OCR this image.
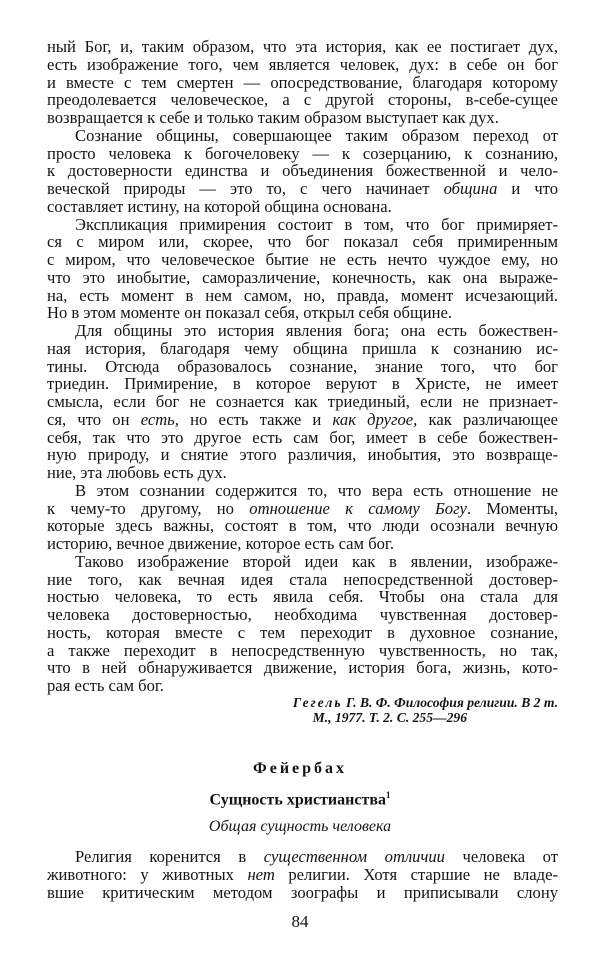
ный Бог, и, таким образом, что эта история, как ее постигает дух,
есть изображение того, чем является человек, дух: в себе он бог
и вместе с тем смертен — опосредствование, благодаря которому
преодолевается человеческое, а с другой стороны, в-себе-сущее
возвращается к себе и только таким образом выступает как дух.
Сознание общины, совершающее таким образом переход от
просто человека к богочеловеку — к созерцанию, к сознанию,
к достоверности единства и объединения божественной и чело-
веческой природы — это то, с чего начинает община и что
составляет истину, на которой община основана.
Экспликация примирения состоит в том, что бог примиряет-
ся с миром или, скорее, что бог показал себя примиренным
с миром, что человеческое бытие не есть нечто чуждое ему, но
что это инобытие, саморазличение, конечность, как она выраже-
на, есть момент в нем самом, но, правда, момент исчезающий.
Но в этом моменте он показал себя, открыл себя общине.
Для общины это история явления бога; она есть божествен-
ная история, благодаря чему община пришла к сознанию ис-
тины. Отсюда образовалось сознание, знание того, что бог
триедин. Примирение, в которое веруют в Христе, не имеет
смысла, если бог не сознается как триединый, если не признает-
ся, что он есть, но есть также и как другое, как различающее
себя, так что это другое есть сам бог, имеет в себе божествен-
ную природу, и снятие этого различия, инобытия, это возвраще-
ние, эта любовь есть дух.
В этом сознании содержится то, что вера есть отношение не
к чему-то другому, но отношение к самому Богу. Моменты,
которые здесь важны, состоят в том, что люди осознали вечную
историю, вечное движение, которое есть сам бог.
Таково изображение второй идеи как в явлении, изображе-
ние того, как вечная идея стала непосредственной достовер-
ностью человека, то есть явила себя. Чтобы она стала для
человека достоверностью, необходима чувственная достовер-
ность, которая вместе с тем переходит в духовное сознание,
а также переходит в непосредственную чувственность, но так,
что в ней обнаруживается движение, история бога, жизнь, кото-
рая есть сам бог.
Гегель Г. В. Ф. Философия религии. В 2 т.
М., 1977. Т. 2. С. 255—296
Фейербах
Сущность христианства$^1$
Общая сущность человека
Религия коренится в существенном отличии человека от
животного: у животных нет религии. Хотя старшие не владе-
вшие критическим методом зоографы и приписывали слону
84
